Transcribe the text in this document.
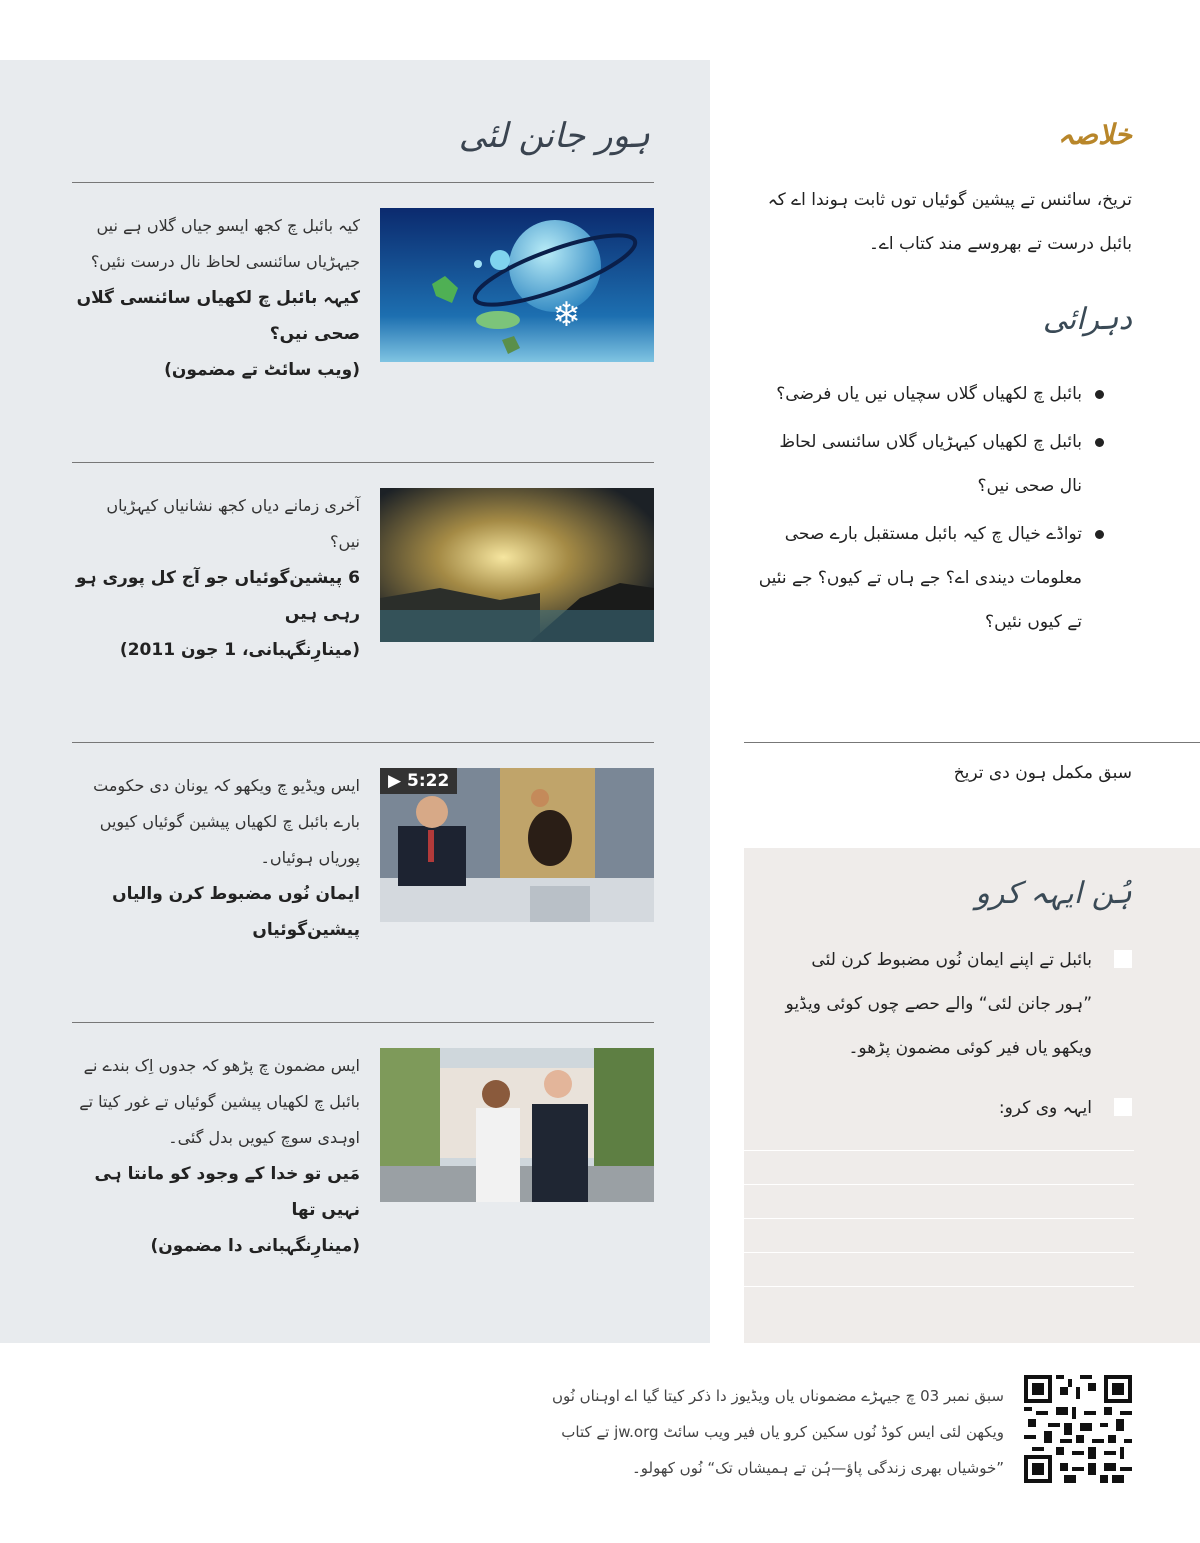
ہور جانن لئی
❄
کیہ بائبل چ کجھ ایسو جیاں گلاں ہے نیں جیہڑیاں سائنسی لحاظ نال درست نئیں؟
کیہہ بائبل چ لکھیاں سائنسی گلاں صحی نیں؟
(ویب سائٹ تے مضمون)
آخری زمانے دیاں کجھ نشانیاں کیہڑیاں نیں؟
6 پیشین‌گوئیاں جو آج کل پوری ہو رہی ہیں
(مینارِنگہبانی، 1 جون 2011)
▶ 5:22
ایس ویڈیو چ ویکھو کہ یونان دی حکومت بارے بائبل چ لکھیاں پیشین گوئیاں کیویں پوریاں ہوئیاں۔
ایمان نُوں مضبوط کرن والیاں پیشین‌گوئیاں
ایس مضمون چ پڑھو کہ جدوں اِک بندے نے بائبل چ لکھیاں پیشین گوئیاں تے غور کیتا تے اوہدی سوچ کیویں بدل گئی۔
مَیں تو خدا کے وجود کو مانتا ہی نہیں تھا
(مینارِنگہبانی دا مضمون)
خلاصہ
تریخ، سائنس تے پیشین گوئیاں توں ثابت ہوندا اے کہ بائبل درست تے بھروسے مند کتاب اے۔
دہرائی
بائبل چ لکھیاں گلاں سچیاں نیں یاں فرضی؟
بائبل چ لکھیاں کیہڑیاں گلاں سائنسی لحاظ نال صحی نیں؟
تواڈے خیال چ کیہ بائبل مستقبل بارے صحی معلومات دیندی اے؟ جے ہاں تے کیوں؟ جے نئیں تے کیوں نئیں؟
سبق مکمل ہون دی تریخ
ہُن ایہہ کرو
بائبل تے اپنے ایمان نُوں مضبوط کرن لئی ”ہور جانن لئی“ والے حصے چوں کوئی ویڈیو ویکھو یاں فیر کوئی مضمون پڑھو۔
ایہہ وی کرو:
سبق نمبر 03 چ جیہڑے مضموناں یاں ویڈیوز دا ذکر کیتا گیا اے اوہناں نُوں ویکھن لئی ایس کوڈ نُوں سکین کرو یاں فیر ویب سائٹ jw.org تے کتاب ”خوشیاں بھری زندگی پاؤ—ہُن تے ہمیشاں تک“ نُوں کھولو۔
